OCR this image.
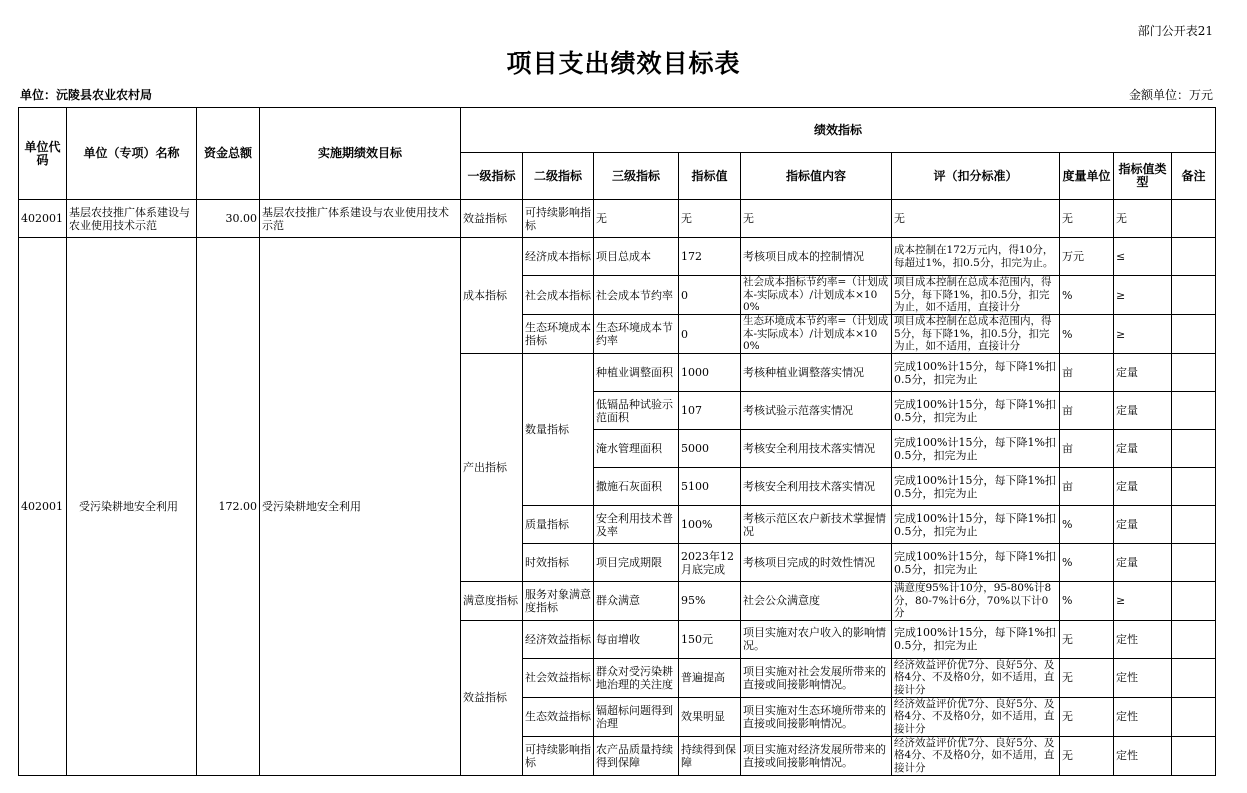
部门公开表21
项目支出绩效目标表
单位：沅陵县农业农村局	金额单位：万元
单位代码	单位（专项）名称	资金总额	实施期绩效目标	绩效指标								
				一级指标	二级指标	三级指标	指标值	指标值内容	评（扣分标准）	度量单位	指标值类型	备注
402001	基层农技推广体系建设与农业使用技术示范	30.00	基层农技推广体系建设与农业使用技术示范	效益指标	可持续影响指标	无	无	无	无	无	无	
402001	受污染耕地安全利用	172.00	受污染耕地安全利用	成本指标	经济成本指标	项目总成本	172	考核项目成本的控制情况	成本控制在172万元内，得10分，每超过1%，扣0.5分，扣完为止。	万元	≤	
					社会成本指标	社会成本节约率	0	社会成本指标节约率=（计划成本-实际成本）/计划成本×100%	项目成本控制在总成本范围内，得5分，每下降1%，扣0.5分，扣完为止，如不适用，直接计分	%	≥	
					生态环境成本指标	生态环境成本节约率	0	生态环境成本节约率=（计划成本-实际成本）/计划成本×100%	项目成本控制在总成本范围内，得5分，每下降1%，扣0.5分，扣完为止，如不适用，直接计分	%	≥	
				产出指标	数量指标	种植业调整面积	1000	考核种植业调整落实情况	完成100%计15分，每下降1%扣0.5分，扣完为止	亩	定量	
						低镉品种试验示范面积	107	考核试验示范落实情况	完成100%计15分，每下降1%扣0.5分，扣完为止	亩	定量	
						淹水管理面积	5000	考核安全利用技术落实情况	完成100%计15分，每下降1%扣0.5分，扣完为止	亩	定量	
						撒施石灰面积	5100	考核安全利用技术落实情况	完成100%计15分，每下降1%扣0.5分，扣完为止	亩	定量	
					质量指标	安全利用技术普及率	100%	考核示范区农户新技术掌握情况	完成100%计15分，每下降1%扣0.5分，扣完为止	%	定量	
					时效指标	项目完成期限	2023年12月底完成	考核项目完成的时效性情况	完成100%计15分，每下降1%扣0.5分，扣完为止	%	定量	
				满意度指标	服务对象满意度指标	群众满意	95%	社会公众满意度	满意度95%计10分，95-80%计8分，80-7%计6分，70%以下计0分	%	≥	
				效益指标	经济效益指标	每亩增收	150元	项目实施对农户收入的影响情况。	完成100%计15分，每下降1%扣0.5分，扣完为止	无	定性	
					社会效益指标	群众对受污染耕地治理的关注度	普遍提高	项目实施对社会发展所带来的直接或间接影响情况。	经济效益评价优7分、良好5分、及格4分、不及格0分，如不适用，直接计分	无	定性	
					生态效益指标	镉超标问题得到治理	效果明显	项目实施对生态环境所带来的直接或间接影响情况。	经济效益评价优7分、良好5分、及格4分、不及格0分，如不适用，直接计分	无	定性	
					可持续影响指标	农产品质量持续得到保障	持续得到保障	项目实施对经济发展所带来的直接或间接影响情况。	经济效益评价优7分、良好5分、及格4分、不及格0分，如不适用，直接计分	无	定性	
